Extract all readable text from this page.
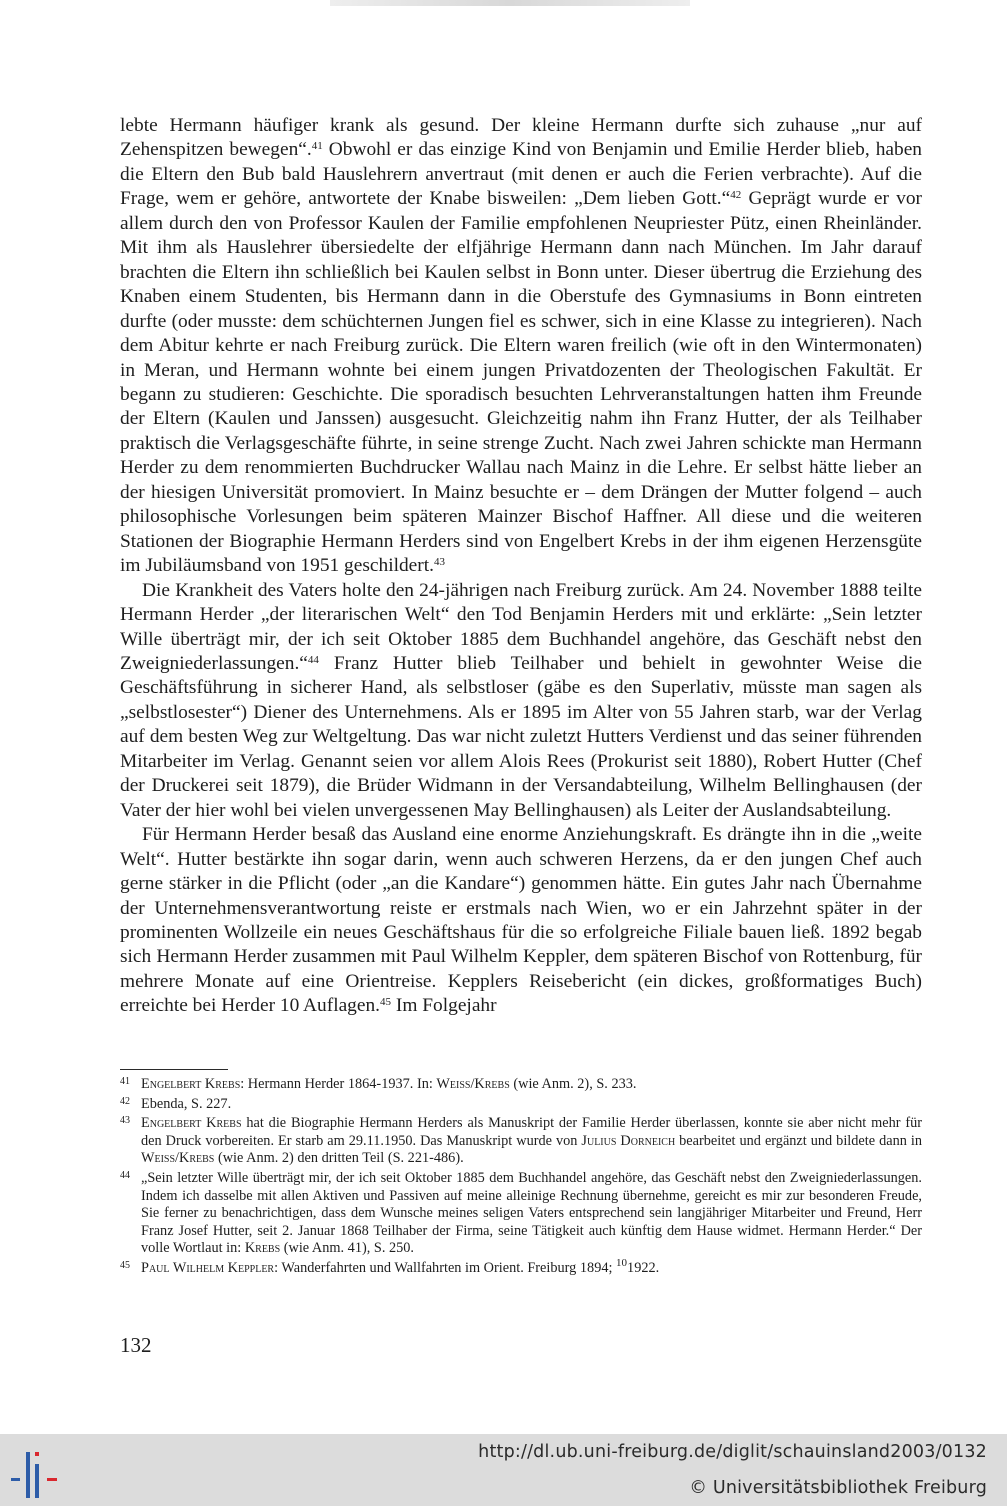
lebte Hermann häufiger krank als gesund. Der kleine Hermann durfte sich zuhause „nur auf Zehenspitzen bewegen“.$^{41}$ Obwohl er das einzige Kind von Benjamin und Emilie Herder blieb, haben die Eltern den Bub bald Hauslehrern anvertraut (mit denen er auch die Ferien verbrachte). Auf die Frage, wem er gehöre, antwortete der Knabe bisweilen: „Dem lieben Gott.“$^{42}$ Geprägt wurde er vor allem durch den von Professor Kaulen der Familie empfohlenen Neupriester Pütz, einen Rheinländer. Mit ihm als Hauslehrer übersiedelte der elfjährige Hermann dann nach München. Im Jahr darauf brachten die Eltern ihn schließlich bei Kaulen selbst in Bonn unter. Dieser übertrug die Erziehung des Knaben einem Studenten, bis Hermann dann in die Oberstufe des Gymnasiums in Bonn eintreten durfte (oder musste: dem schüchternen Jungen fiel es schwer, sich in eine Klasse zu integrieren). Nach dem Abitur kehrte er nach Freiburg zurück. Die Eltern waren freilich (wie oft in den Wintermonaten) in Meran, und Hermann wohnte bei einem jungen Privatdozenten der Theologischen Fakultät. Er begann zu studieren: Geschichte. Die sporadisch besuchten Lehrveranstaltungen hatten ihm Freunde der Eltern (Kaulen und Janssen) ausgesucht. Gleichzeitig nahm ihn Franz Hutter, der als Teilhaber praktisch die Verlagsgeschäfte führte, in seine strenge Zucht. Nach zwei Jahren schickte man Hermann Herder zu dem renommierten Buchdrucker Wallau nach Mainz in die Lehre. Er selbst hätte lieber an der hiesigen Universität promoviert. In Mainz besuchte er – dem Drängen der Mutter folgend – auch philosophische Vorlesungen beim späteren Mainzer Bischof Haffner. All diese und die weiteren Stationen der Biographie Hermann Herders sind von Engelbert Krebs in der ihm eigenen Herzensgüte im Jubiläumsband von 1951 geschildert.$^{43}$

Die Krankheit des Vaters holte den 24-jährigen nach Freiburg zurück. Am 24. November 1888 teilte Hermann Herder „der literarischen Welt“ den Tod Benjamin Herders mit und erklärte: „Sein letzter Wille überträgt mir, der ich seit Oktober 1885 dem Buchhandel angehöre, das Geschäft nebst den Zweigniederlassungen.“$^{44}$ Franz Hutter blieb Teilhaber und behielt in gewohnter Weise die Geschäftsführung in sicherer Hand, als selbstloser (gäbe es den Superlativ, müsste man sagen als „selbstlosester“) Diener des Unternehmens. Als er 1895 im Alter von 55 Jahren starb, war der Verlag auf dem besten Weg zur Weltgeltung. Das war nicht zuletzt Hutters Verdienst und das seiner führenden Mitarbeiter im Verlag. Genannt seien vor allem Alois Rees (Prokurist seit 1880), Robert Hutter (Chef der Druckerei seit 1879), die Brüder Widmann in der Versandabteilung, Wilhelm Bellinghausen (der Vater der hier wohl bei vielen unvergessenen May Bellinghausen) als Leiter der Auslandsabteilung.

Für Hermann Herder besaß das Ausland eine enorme Anziehungskraft. Es drängte ihn in die „weite Welt“. Hutter bestärkte ihn sogar darin, wenn auch schweren Herzens, da er den jungen Chef auch gerne stärker in die Pflicht (oder „an die Kandare“) genommen hätte. Ein gutes Jahr nach Übernahme der Unternehmensverantwortung reiste er erstmals nach Wien, wo er ein Jahrzehnt später in der prominenten Wollzeile ein neues Geschäftshaus für die so erfolgreiche Filiale bauen ließ. 1892 begab sich Hermann Herder zusammen mit Paul Wilhelm Keppler, dem späteren Bischof von Rottenburg, für mehrere Monate auf eine Orientreise. Kepplers Reisebericht (ein dickes, großformatiges Buch) erreichte bei Herder 10 Auflagen.$^{45}$ Im Folgejahr

41 Engelbert Krebs: Hermann Herder 1864-1937. In: Weiss/Krebs (wie Anm. 2), S. 233.
42 Ebenda, S. 227.
43 Engelbert Krebs hat die Biographie Hermann Herders als Manuskript der Familie Herder überlassen, konnte sie aber nicht mehr für den Druck vorbereiten. Er starb am 29.11.1950. Das Manuskript wurde von Julius Dorneich bearbeitet und ergänzt und bildete dann in Weiss/Krebs (wie Anm. 2) den dritten Teil (S. 221-486).
44 „Sein letzter Wille überträgt mir, der ich seit Oktober 1885 dem Buchhandel angehöre, das Geschäft nebst den Zweigniederlassungen. Indem ich dasselbe mit allen Aktiven und Passiven auf meine alleinige Rechnung übernehme, gereicht es mir zur besonderen Freude, Sie ferner zu benachrichtigen, dass dem Wunsche meines seligen Vaters entsprechend sein langjähriger Mitarbeiter und Freund, Herr Franz Josef Hutter, seit 2. Januar 1868 Teilhaber der Firma, seine Tätigkeit auch künftig dem Hause widmet. Hermann Herder.“ Der volle Wortlaut in: Krebs (wie Anm. 41), S. 250.
45 Paul Wilhelm Keppler: Wanderfahrten und Wallfahrten im Orient. Freiburg 1894; $^{10}$1922.
132
http://dl.ub.uni-freiburg.de/diglit/schauinsland2003/0132
© Universitätsbibliothek Freiburg
